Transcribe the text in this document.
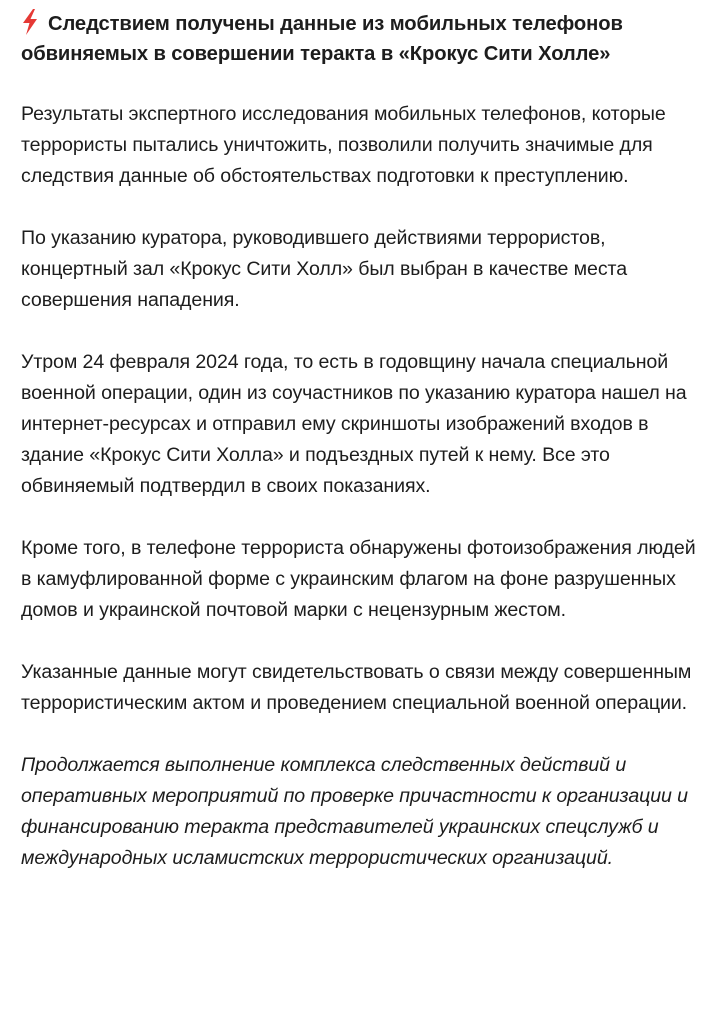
Следствием получены данные из мобильных телефонов обвиняемых в совершении теракта в «Крокус Сити Холле»

Результаты экспертного исследования мобильных телефонов, которые террористы пытались уничтожить, позволили получить значимые для следствия данные об обстоятельствах подготовки к преступлению.

По указанию куратора, руководившего действиями террористов, концертный зал «Крокус Сити Холл» был выбран в качестве места совершения нападения.

Утром 24 февраля 2024 года, то есть в годовщину начала специальной военной операции, один из соучастников по указанию куратора нашел на интернет-ресурсах и отправил ему скриншоты изображений входов в здание «Крокус Сити Холла» и подъездных путей к нему. Все это обвиняемый подтвердил в своих показаниях.

Кроме того, в телефоне террориста обнаружены фотоизображения людей в камуфлированной форме с украинским флагом на фоне разрушенных домов и украинской почтовой марки с нецензурным жестом.

Указанные данные могут свидетельствовать о связи между совершенным террористическим актом и проведением специальной военной операции.

Продолжается выполнение комплекса следственных действий и оперативных мероприятий по проверке причастности к организации и финансированию теракта представителей украинских спецслужб и международных исламистских террористических организаций.
